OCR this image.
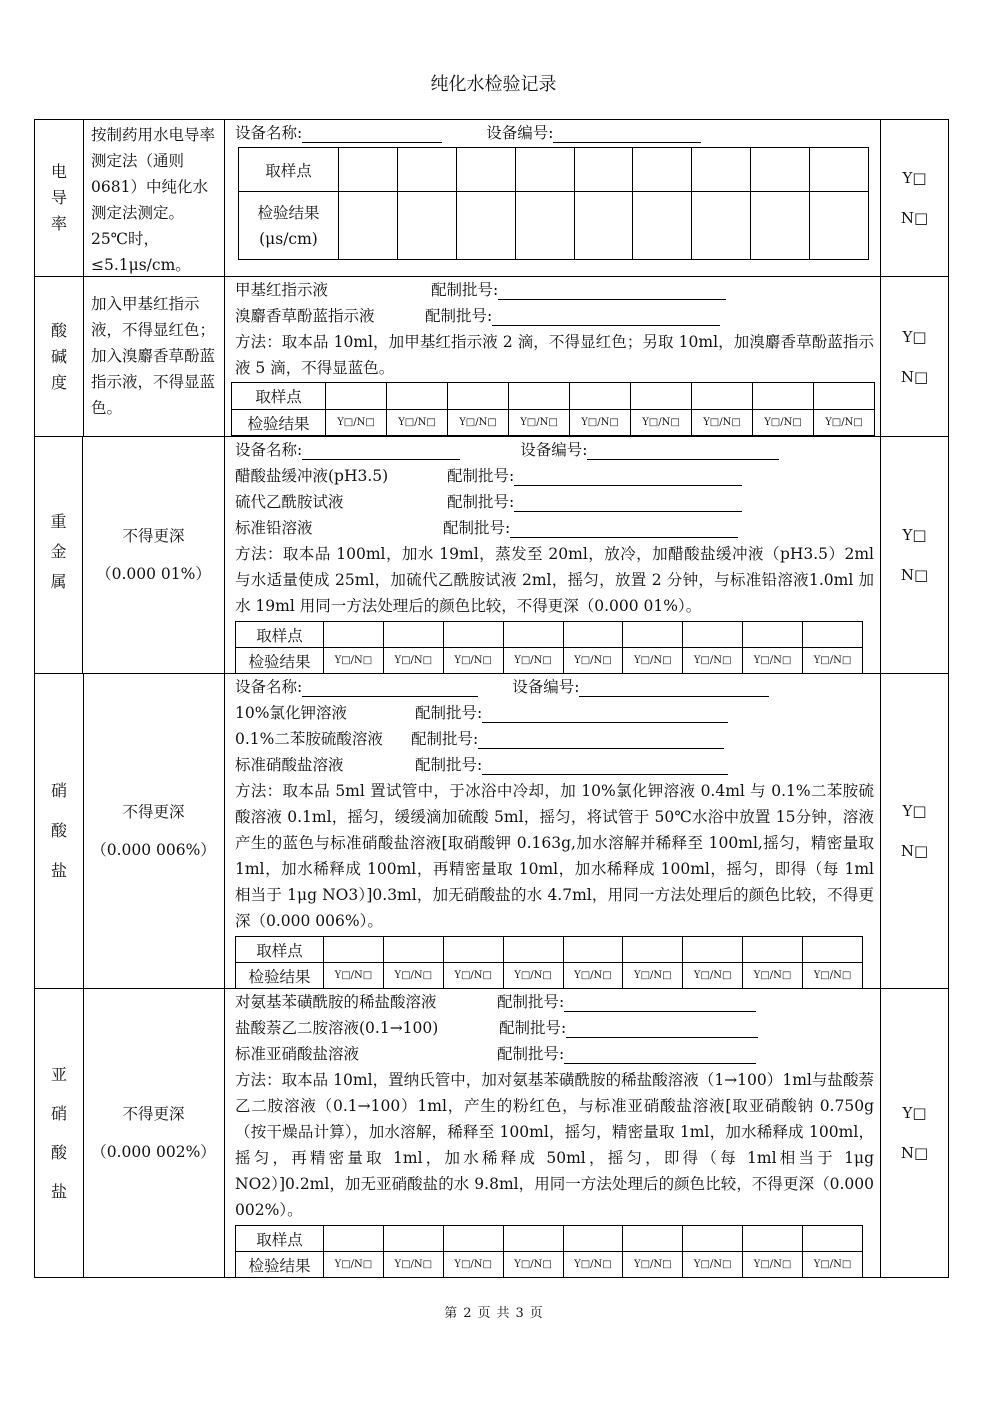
纯化水检验记录
电
导
率
按制药用水电导率测定法（通则0681）中纯化水测定法测定。25℃时，≤5.1μs/cm。
设备名称:	设备编号:
取样点									
检验结果
(μs/cm)									
Y□
N□
酸
碱
度
加入甲基红指示液，不得显红色；加入溴麝香草酚蓝指示液，不得显蓝色。
甲基红指示液	配制批号:
溴麝香草酚蓝指示液	配制批号:
方法：取本品 10ml，加甲基红指示液 2 滴，不得显红色；另取 10ml，加溴麝香草酚蓝指示液 5 滴，不得显蓝色。
取样点									
检验结果	Y□/N□	Y□/N□	Y□/N□	Y□/N□	Y□/N□	Y□/N□	Y□/N□	Y□/N□	Y□/N□
Y□
N□
重
金
属
不得更深
（0.000 01%）
设备名称:	设备编号:
醋酸盐缓冲液(pH3.5)	配制批号:
硫代乙酰胺试液	配制批号:
标准铅溶液	配制批号:
方法：取本品 100ml，加水 19ml，蒸发至 20ml，放冷，加醋酸盐缓冲液（pH3.5）2ml 与水适量使成 25ml，加硫代乙酰胺试液 2ml，摇匀，放置 2 分钟，与标准铅溶液1.0ml 加水 19ml 用同一方法处理后的颜色比较，不得更深（0.000 01%）。
取样点									
检验结果	Y□/N□	Y□/N□	Y□/N□	Y□/N□	Y□/N□	Y□/N□	Y□/N□	Y□/N□	Y□/N□
Y□
N□
硝
酸
盐
不得更深
（0.000 006%）
设备名称:	设备编号:
10%氯化钾溶液	配制批号:
0.1%二苯胺硫酸溶液 配制批号:
标准硝酸盐溶液	配制批号:
方法：取本品 5ml 置试管中，于冰浴中冷却，加 10%氯化钾溶液 0.4ml 与 0.1%二苯胺硫酸溶液 0.1ml，摇匀，缓缓滴加硫酸 5ml，摇匀，将试管于 50℃水浴中放置 15分钟，溶液产生的蓝色与标准硝酸盐溶液[取硝酸钾 0.163g,加水溶解并稀释至 100ml,摇匀，精密量取 1ml，加水稀释成 100ml，再精密量取 10ml，加水稀释成 100ml，摇匀，即得（每 1ml 相当于 1μg NO3）]0.3ml，加无硝酸盐的水 4.7ml，用同一方法处理后的颜色比较，不得更深（0.000 006%）。
取样点									
检验结果	Y□/N□	Y□/N□	Y□/N□	Y□/N□	Y□/N□	Y□/N□	Y□/N□	Y□/N□	Y□/N□
Y□
N□
亚
硝
酸
盐
不得更深
（0.000 002%）
对氨基苯磺酰胺的稀盐酸溶液	配制批号:
盐酸萘乙二胺溶液(0.1→100)	配制批号:
标准亚硝酸盐溶液	配制批号:
方法：取本品 10ml，置纳氏管中，加对氨基苯磺酰胺的稀盐酸溶液（1→100）1ml与盐酸萘乙二胺溶液（0.1→100）1ml，产生的粉红色，与标准亚硝酸盐溶液[取亚硝酸钠 0.750g（按干燥品计算），加水溶解，稀释至 100ml，摇匀，精密量取 1ml，加水稀释成 100ml，摇匀，再精密量取 1ml，加水稀释成 50ml，摇匀，即得（每 1ml相当于 1μg NO2）]0.2ml，加无亚硝酸盐的水 9.8ml，用同一方法处理后的颜色比较，不得更深（0.000 002%）。
取样点									
检验结果	Y□/N□	Y□/N□	Y□/N□	Y□/N□	Y□/N□	Y□/N□	Y□/N□	Y□/N□	Y□/N□
Y□
N□
第 2 页 共 3 页
